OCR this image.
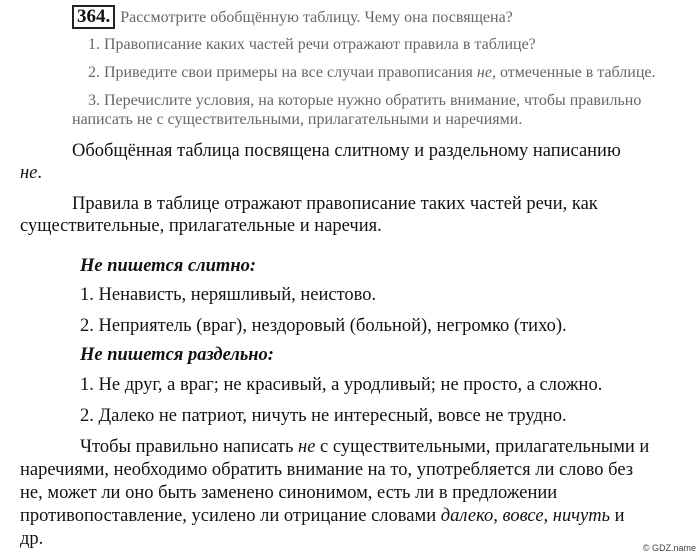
364. Рассмотрите обобщённую таблицу. Чему она посвящена?
1. Правописание каких частей речи отражают правила в таблице?
2. Приведите свои примеры на все случаи правописания не, отмеченные в таблице.
3. Перечислите условия, на которые нужно обратить внимание, чтобы правильно
написать не с существительными, прилагательными и наречиями.
Обобщённая таблица посвящена слитному и раздельному написанию
не.
Правила в таблице отражают правописание таких частей речи, как
существительные, прилагательные и наречия.
Не пишется слитно:
1. Ненависть, неряшливый, неистово.
2. Неприятель (враг), нездоровый (больной), негромко (тихо).
Не пишется раздельно:
1. Не друг, а враг; не красивый, а уродливый; не просто, а сложно.
2. Далеко не патриот, ничуть не интересный, вовсе не трудно.
Чтобы правильно написать не с существительными, прилагательными и
наречиями, необходимо обратить внимание на то, употребляется ли слово без
не, может ли оно быть заменено синонимом, есть ли в предложении
противопоставление, усилено ли отрицание словами далеко, вовсе, ничуть и
др.	© GDZ.name
